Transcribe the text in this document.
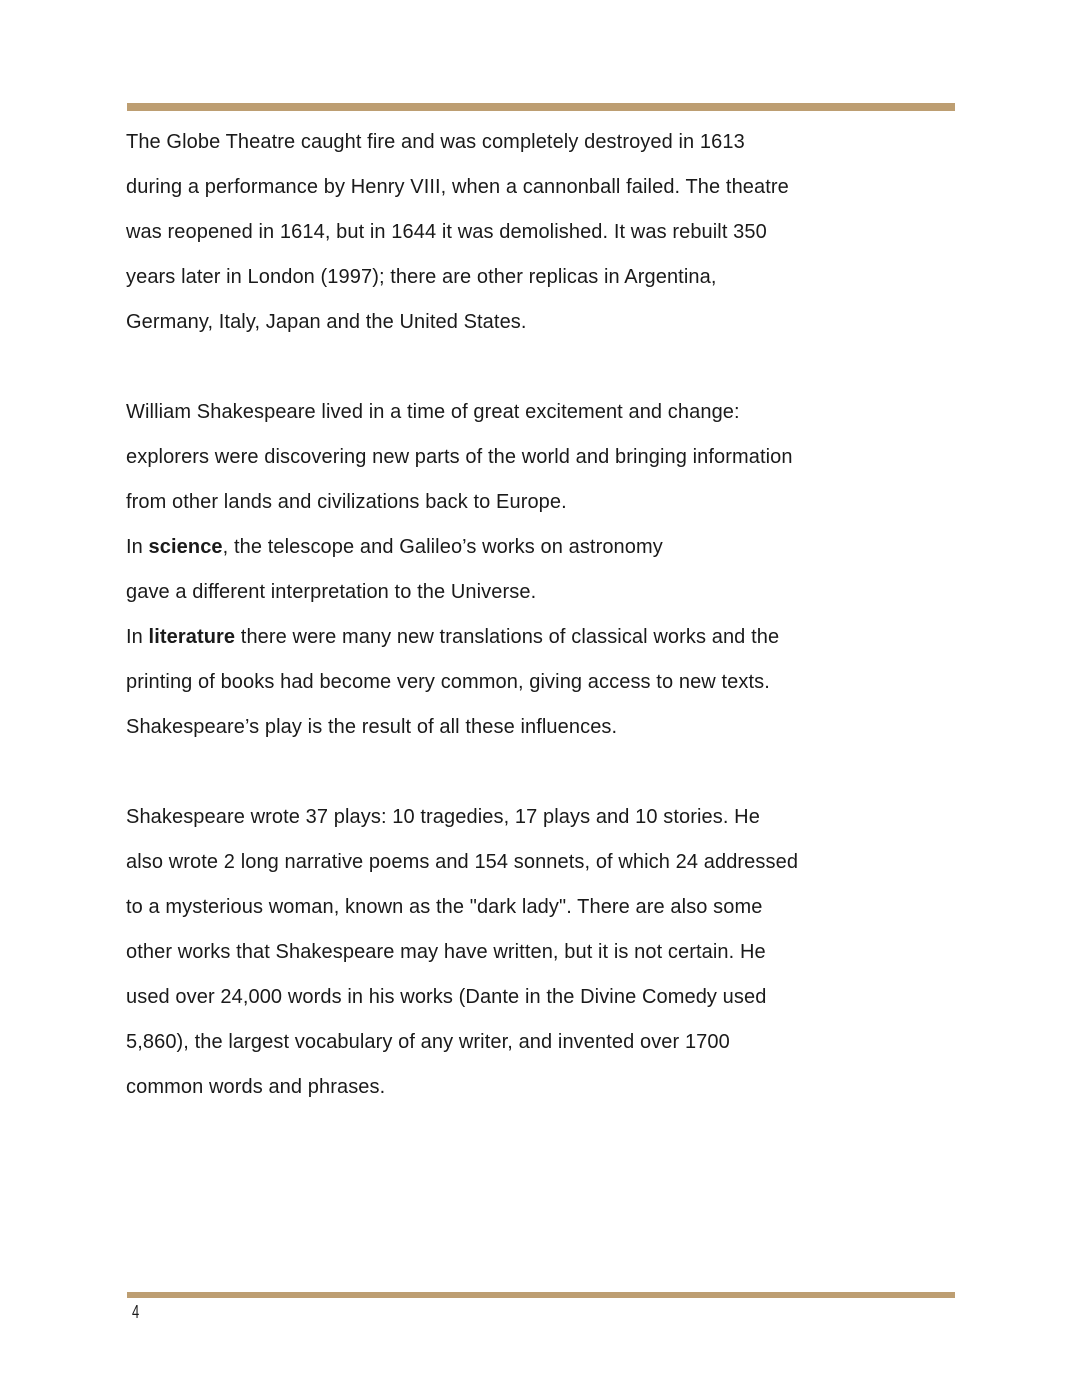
The Globe Theatre caught fire and was completely destroyed in 1613
during a performance by Henry VIII, when a cannonball failed. The theatre
was reopened in 1614, but in 1644 it was demolished. It was rebuilt 350
years later in London (1997); there are other replicas in Argentina,
Germany, Italy, Japan and the United States.
William Shakespeare lived in a time of great excitement and change:
explorers were discovering new parts of the world and bringing information
from other lands and civilizations back to Europe.
In science, the telescope and Galileo’s works on astronomy
gave a different interpretation to the Universe.
In literature there were many new translations of classical works and the
printing of books had become very common, giving access to new texts.
Shakespeare’s play is the result of all these influences.
Shakespeare wrote 37 plays: 10 tragedies, 17 plays and 10 stories. He
also wrote 2 long narrative poems and 154 sonnets, of which 24 addressed
to a mysterious woman, known as the "dark lady". There are also some
other works that Shakespeare may have written, but it is not certain. He
used over 24,000 words in his works (Dante in the Divine Comedy used
5,860), the largest vocabulary of any writer, and invented over 1700
common words and phrases.
4
